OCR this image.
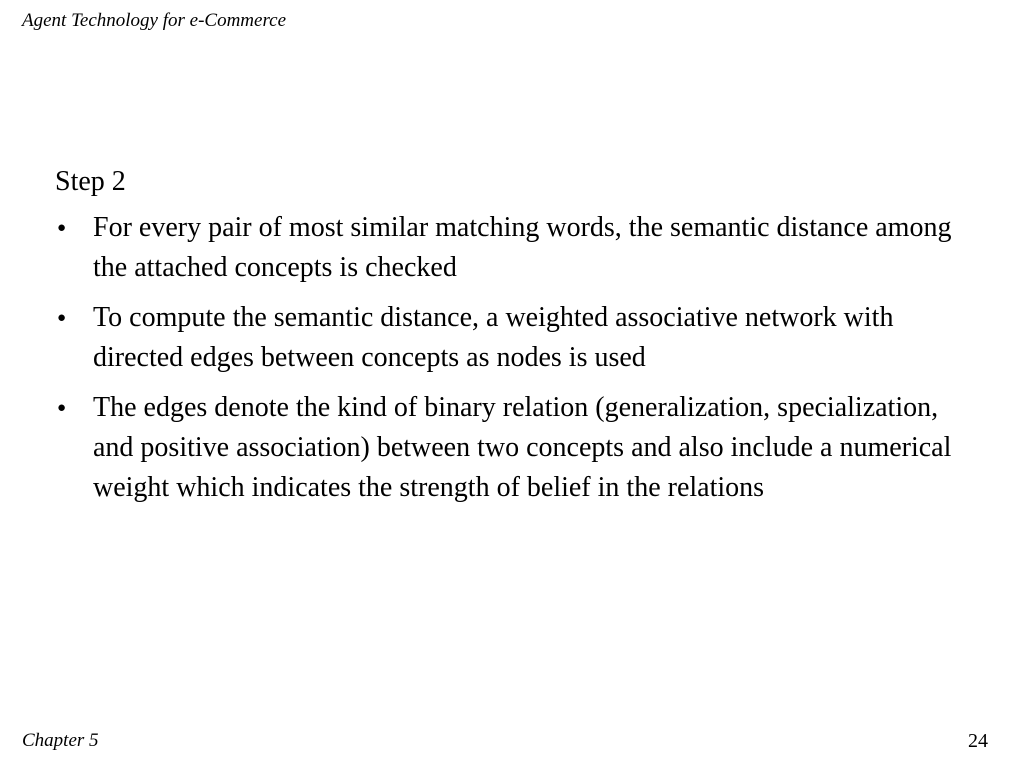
Agent Technology for e-Commerce
Step 2
● For every pair of most similar matching words, the semantic distance among the attached concepts is checked
● To compute the semantic distance, a weighted associative network with directed edges between concepts as nodes is used
● The edges denote the kind of binary relation (generalization, specialization, and positive association) between two concepts and also include a numerical weight which indicates the strength of belief in the relations
Chapter 5	24
